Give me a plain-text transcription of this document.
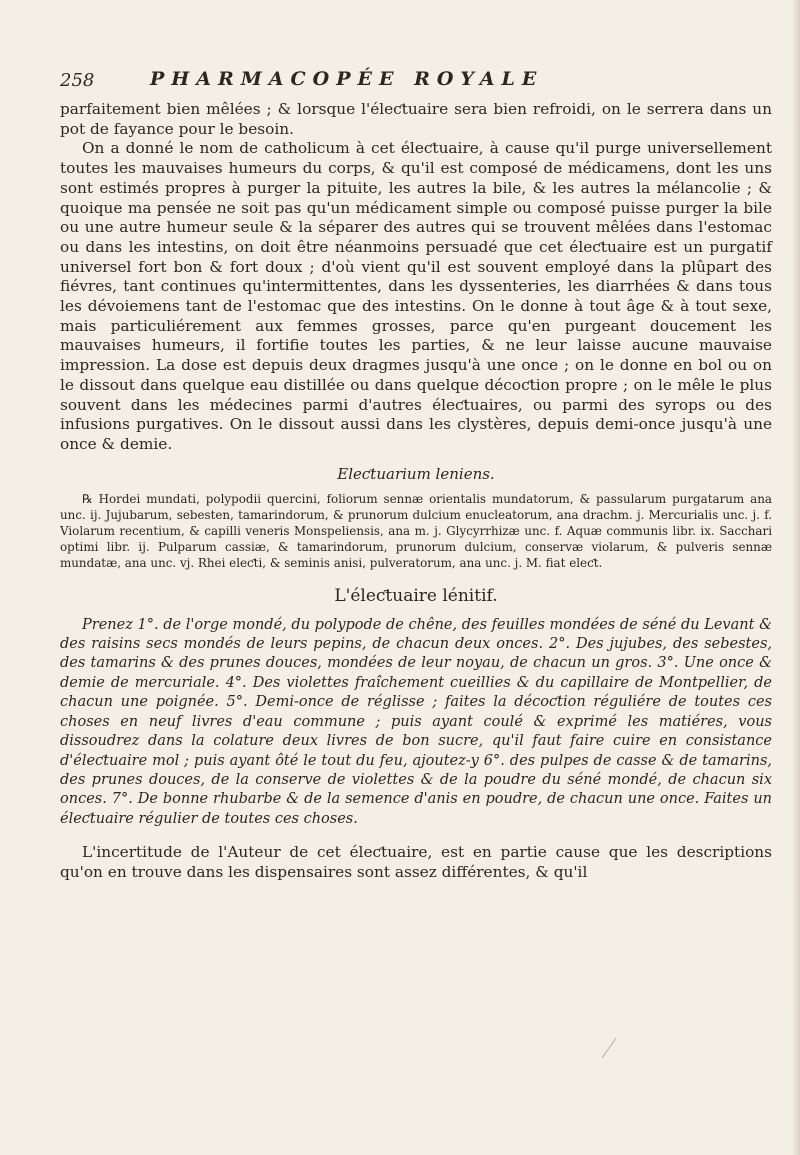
258	PHARMACOPÉE ROYALE

parfaitement bien mêlées ; & lorsque l'éleƈtuaire sera bien refroidi, on le serrera dans un pot de fayance pour le besoin.

On a donné le nom de catholicum à cet éleƈtuaire, à cause qu'il purge universellement toutes les mauvaises humeurs du corps, & qu'il est composé de médicamens, dont les uns sont estimés propres à purger la pituite, les autres la bile, & les autres la mélancolie ; & quoique ma pensée ne soit pas qu'un médicament simple ou composé puisse purger la bile ou une autre humeur seule & la séparer des autres qui se trouvent mêlées dans l'estomac ou dans les intestins, on doit être néanmoins persuadé que cet éleƈtuaire est un purgatif universel fort bon & fort doux ; d'où vient qu'il est souvent employé dans la plûpart des fiévres, tant continues qu'intermittentes, dans les dyssenteries, les diarrhées & dans tous les dévoiemens tant de l'estomac que des intestins. On le donne à tout âge & à tout sexe, mais particuliérement aux femmes grosses, parce qu'en purgeant doucement les mauvaises humeurs, il fortifie toutes les parties, & ne leur laisse aucune mauvaise impression. La dose est depuis deux dragmes jusqu'à une once ; on le donne en bol ou on le dissout dans quelque eau distillée ou dans quelque décoƈtion propre ; on le mêle le plus souvent dans les médecines parmi d'autres éleƈtuaires, ou parmi des syrops ou des infusions purgatives. On le dissout aussi dans les clystères, depuis demi-once jusqu'à une once & demie.

Eleƈtuarium leniens.

℞ Hordei mundati, polypodii quercini, foliorum sennæ orientalis mundatorum, & passularum purgatarum ana unc. ij. Jujubarum, sebesten, tamarindorum, & prunorum dulcium enucleatorum, ana drachm. j. Mercurialis unc. j. f. Violarum recentium, & capilli veneris Monspeliensis, ana m. j. Glycyrrhizæ unc. f. Aquæ communis libr. ix. Sacchari optimi libr. ij. Pulparum cassiæ, & tamarindorum, prunorum dulcium, conservæ violarum, & pulveris sennæ mundatæ, ana unc. vj. Rhei eleƈti, & seminis anisi, pulveratorum, ana unc. j. M. fiat eleƈt.

L'éleƈtuaire lénitif.

Prenez 1°. de l'orge mondé, du polypode de chêne, des feuilles mondées de séné du Levant & des raisins secs mondés de leurs pepins, de chacun deux onces. 2°. Des jujubes, des sebestes, des tamarins & des prunes douces, mondées de leur noyau, de chacun un gros. 3°. Une once & demie de mercuriale. 4°. Des violettes fraîchement cueillies & du capillaire de Montpellier, de chacun une poignée. 5°. Demi-once de réglisse ; faites la décoƈtion réguliére de toutes ces choses en neuf livres d'eau commune ; puis ayant coulé & exprimé les matiéres, vous dissoudrez dans la colature deux livres de bon sucre, qu'il faut faire cuire en consistance d'éleƈtuaire mol ; puis ayant ôté le tout du feu, ajoutez-y 6°. des pulpes de casse & de tamarins, des prunes douces, de la conserve de violettes & de la poudre du séné mondé, de chacun six onces. 7°. De bonne rhubarbe & de la semence d'anis en poudre, de chacun une once. Faites un éleƈtuaire régulier de toutes ces choses.

L'incertitude de l'Auteur de cet éleƈtuaire, est en partie cause que les descriptions qu'on en trouve dans les dispensaires sont assez différentes, & qu'il
